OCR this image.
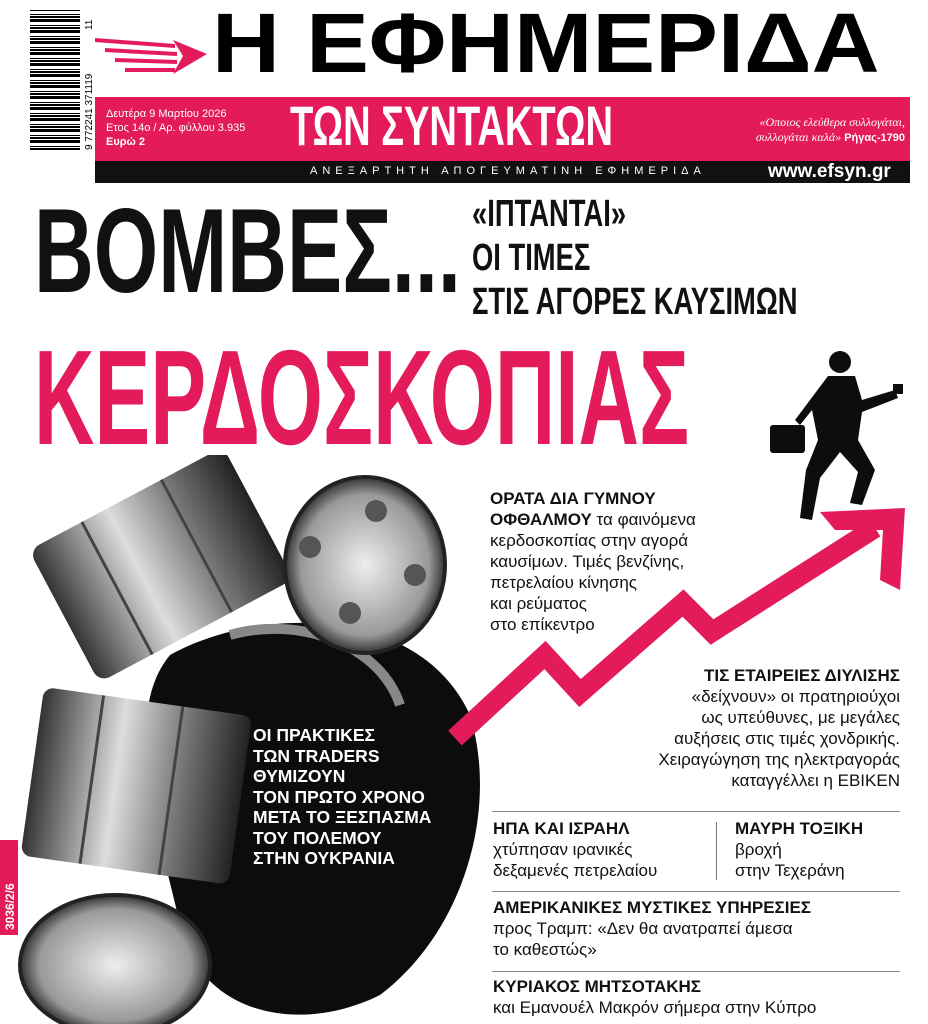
9 772241 371119
11 Η ΕΦΗΜΕΡΙΔΑ
Δευτέρα 9 Μαρτίου 2026
Ετος 14ο / Αρ. φύλλου 3.935
Ευρώ 2	ΤΩΝ ΣΥΝΤΑΚΤΩΝ	«Οποιος ελεύθερα συλλογάται, συλλογάται καλά» Ρήγας-1790
ΑΝΕΞΑΡΤΗΤΗ ΑΠΟΓΕΥΜΑΤΙΝΗ ΕΦΗΜΕΡΙΔΑ	www.efsyn.gr
ΒΟΜΒΕΣ... «ΙΠΤΑΝΤΑΙ»
ΟΙ ΤΙΜΕΣ
ΣΤΙΣ ΑΓΟΡΕΣ ΚΑΥΣΙΜΩΝ
ΚΕΡΔΟΣΚΟΠΙΑΣ
ΟΙ ΠΡΑΚΤΙΚΕΣ
ΤΩΝ TRADERS
ΘΥΜΙΖΟΥΝ
ΤΟΝ ΠΡΩΤΟ ΧΡΟΝΟ
ΜΕΤΑ ΤΟ ΞΕΣΠΑΣΜΑ
ΤΟΥ ΠΟΛΕΜΟΥ
ΣΤΗΝ ΟΥΚΡΑΝΙΑ
ΟΡΑΤΑ ΔΙΑ ΓΥΜΝΟΥ
ΟΦΘΑΛΜΟΥ τα φαινόμενα
κερδοσκοπίας στην αγορά
καυσίμων. Τιμές βενζίνης,
πετρελαίου κίνησης
και ρεύματος
στο επίκεντρο
ΤΙΣ ΕΤΑΙΡΕΙΕΣ ΔΙΥΛΙΣΗΣ
«δείχνουν» οι πρατηριούχοι
ως υπεύθυνες, με μεγάλες
αυξήσεις στις τιμές χονδρικής.
Χειραγώγηση της ηλεκτραγοράς
καταγγέλλει η ΕΒΙΚΕΝ
ΗΠΑ ΚΑΙ ΙΣΡΑΗΛ
χτύπησαν ιρανικές
δεξαμενές πετρελαίου
ΜΑΥΡΗ ΤΟΞΙΚΗ
βροχή
στην Τεχεράνη
ΑΜΕΡΙΚΑΝΙΚΕΣ ΜΥΣΤΙΚΕΣ ΥΠΗΡΕΣΙΕΣ
προς Τραμπ: «Δεν θα ανατραπεί άμεσα
το καθεστώς»
ΚΥΡΙΑΚΟΣ ΜΗΤΣΟΤΑΚΗΣ
και Εμανουέλ Μακρόν σήμερα στην Κύπρο
3036/2/6
